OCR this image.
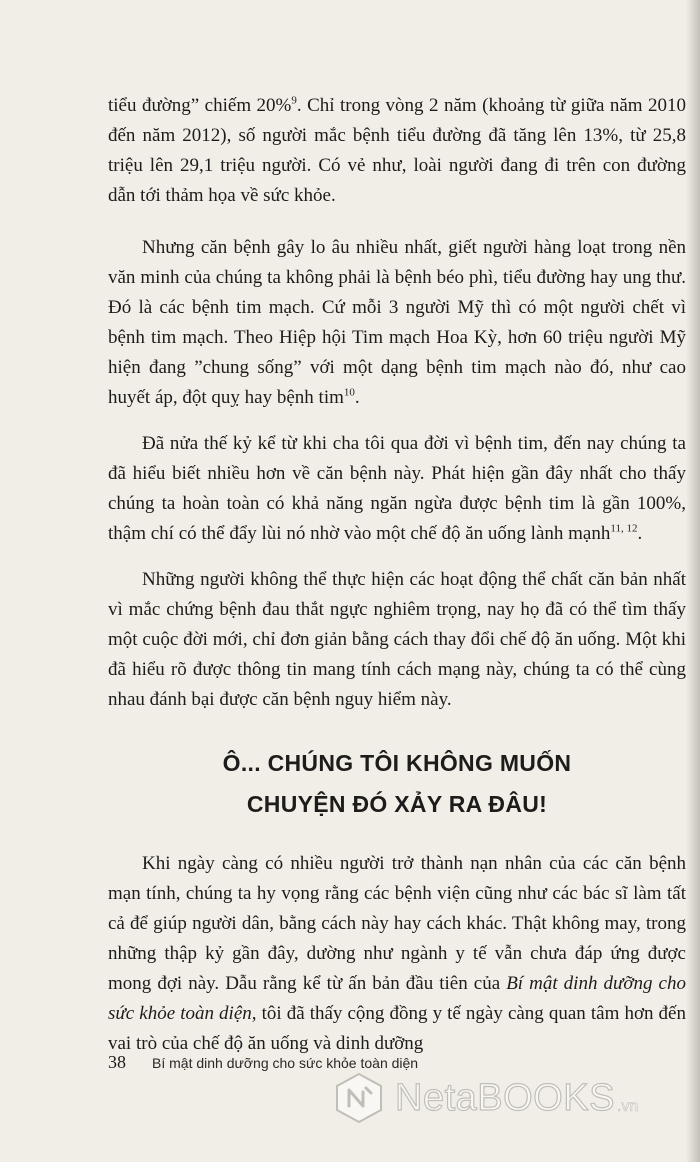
tiểu đường” chiếm 20%$^9$. Chỉ trong vòng 2 năm (khoảng từ giữa năm 2010 đến năm 2012), số người mắc bệnh tiểu đường đã tăng lên 13%, từ 25,8 triệu lên 29,1 triệu người. Có vẻ như, loài người đang đi trên con đường dẫn tới thảm họa về sức khỏe.

Nhưng căn bệnh gây lo âu nhiều nhất, giết người hàng loạt trong nền văn minh của chúng ta không phải là bệnh béo phì, tiểu đường hay ung thư. Đó là các bệnh tim mạch. Cứ mỗi 3 người Mỹ thì có một người chết vì bệnh tim mạch. Theo Hiệp hội Tim mạch Hoa Kỳ, hơn 60 triệu người Mỹ hiện đang ”chung sống” với một dạng bệnh tim mạch nào đó, như cao huyết áp, đột quỵ hay bệnh tim$^{10}$.

Đã nửa thế kỷ kể từ khi cha tôi qua đời vì bệnh tim, đến nay chúng ta đã hiểu biết nhiều hơn về căn bệnh này. Phát hiện gần đây nhất cho thấy chúng ta hoàn toàn có khả năng ngăn ngừa được bệnh tim là gần 100%, thậm chí có thể đẩy lùi nó nhờ vào một chế độ ăn uống lành mạnh$^{11, 12}$.

Những người không thể thực hiện các hoạt động thể chất căn bản nhất vì mắc chứng bệnh đau thắt ngực nghiêm trọng, nay họ đã có thể tìm thấy một cuộc đời mới, chỉ đơn giản bằng cách thay đổi chế độ ăn uống. Một khi đã hiểu rõ được thông tin mang tính cách mạng này, chúng ta có thể cùng nhau đánh bại được căn bệnh nguy hiểm này.

Ô... CHÚNG TÔI KHÔNG MUỐN

CHUYỆN ĐÓ XẢY RA ĐÂU!

Khi ngày càng có nhiều người trở thành nạn nhân của các căn bệnh mạn tính, chúng ta hy vọng rằng các bệnh viện cũng như các bác sĩ làm tất cả để giúp người dân, bằng cách này hay cách khác. Thật không may, trong những thập kỷ gần đây, dường như ngành y tế vẫn chưa đáp ứng được mong đợi này. Dẫu rằng kể từ ấn bản đầu tiên của Bí mật dinh dưỡng cho sức khỏe toàn diện, tôi đã thấy cộng đồng y tế ngày càng quan tâm hơn đến vai trò của chế độ ăn uống và dinh dưỡng

38	Bí mật dinh dưỡng cho sức khỏe toàn diện
NetaBOOKS .vn
